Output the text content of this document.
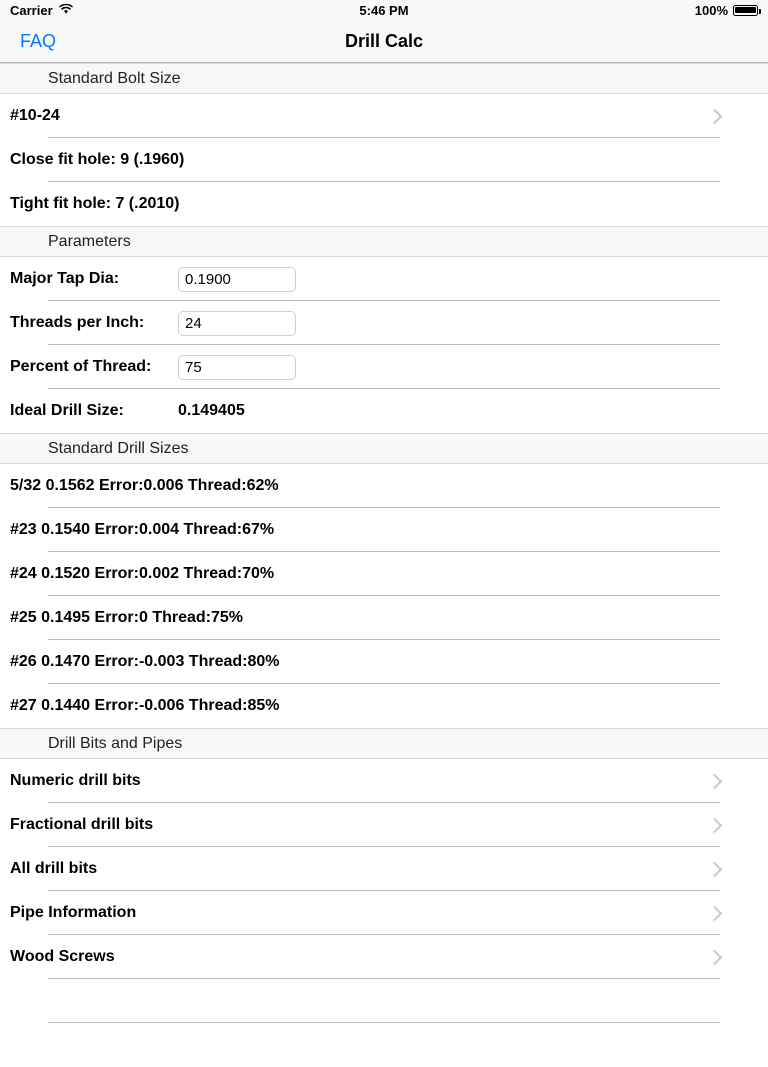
Carrier	5:46 PM	100%
FAQ	Drill Calc
Standard Bolt Size
#10-24
Close fit hole: 9 (.1960)
Tight fit hole: 7 (.2010)
Parameters
Major Tap Dia:
0.1900
Threads per Inch:
24
Percent of Thread:
75
Ideal Drill Size:	0.149405
Standard Drill Sizes
5/32 0.1562 Error:0.006 Thread:62%
#23 0.1540 Error:0.004 Thread:67%
#24 0.1520 Error:0.002 Thread:70%
#25 0.1495 Error:0 Thread:75%
#26 0.1470 Error:-0.003 Thread:80%
#27 0.1440 Error:-0.006 Thread:85%
Drill Bits and Pipes
Numeric drill bits
Fractional drill bits
All drill bits
Pipe Information
Wood Screws
